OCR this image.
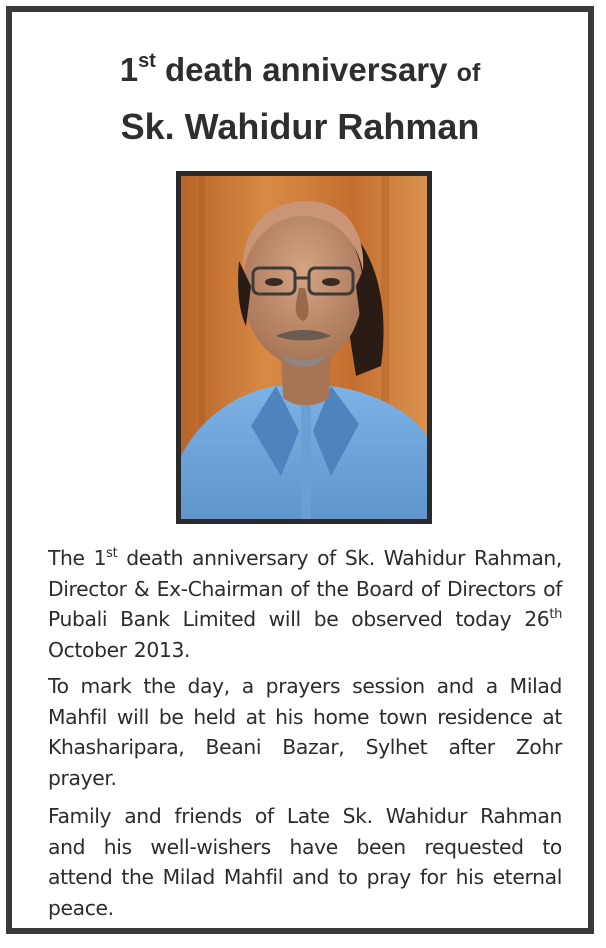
1st death anniversary of
Sk. Wahidur Rahman

The 1st death anniversary of Sk. Wahidur Rahman, Director & Ex-Chairman of the Board of Directors of Pubali Bank Limited will be observed today 26th October 2013.

To mark the day, a prayers session and a Milad Mahfil will be held at his home town residence at Khasharipara, Beani Bazar, Sylhet after Zohr prayer.

Family and friends of Late Sk. Wahidur Rahman and his well-wishers have been requested to attend the Milad Mahfil and to pray for his eternal peace.
